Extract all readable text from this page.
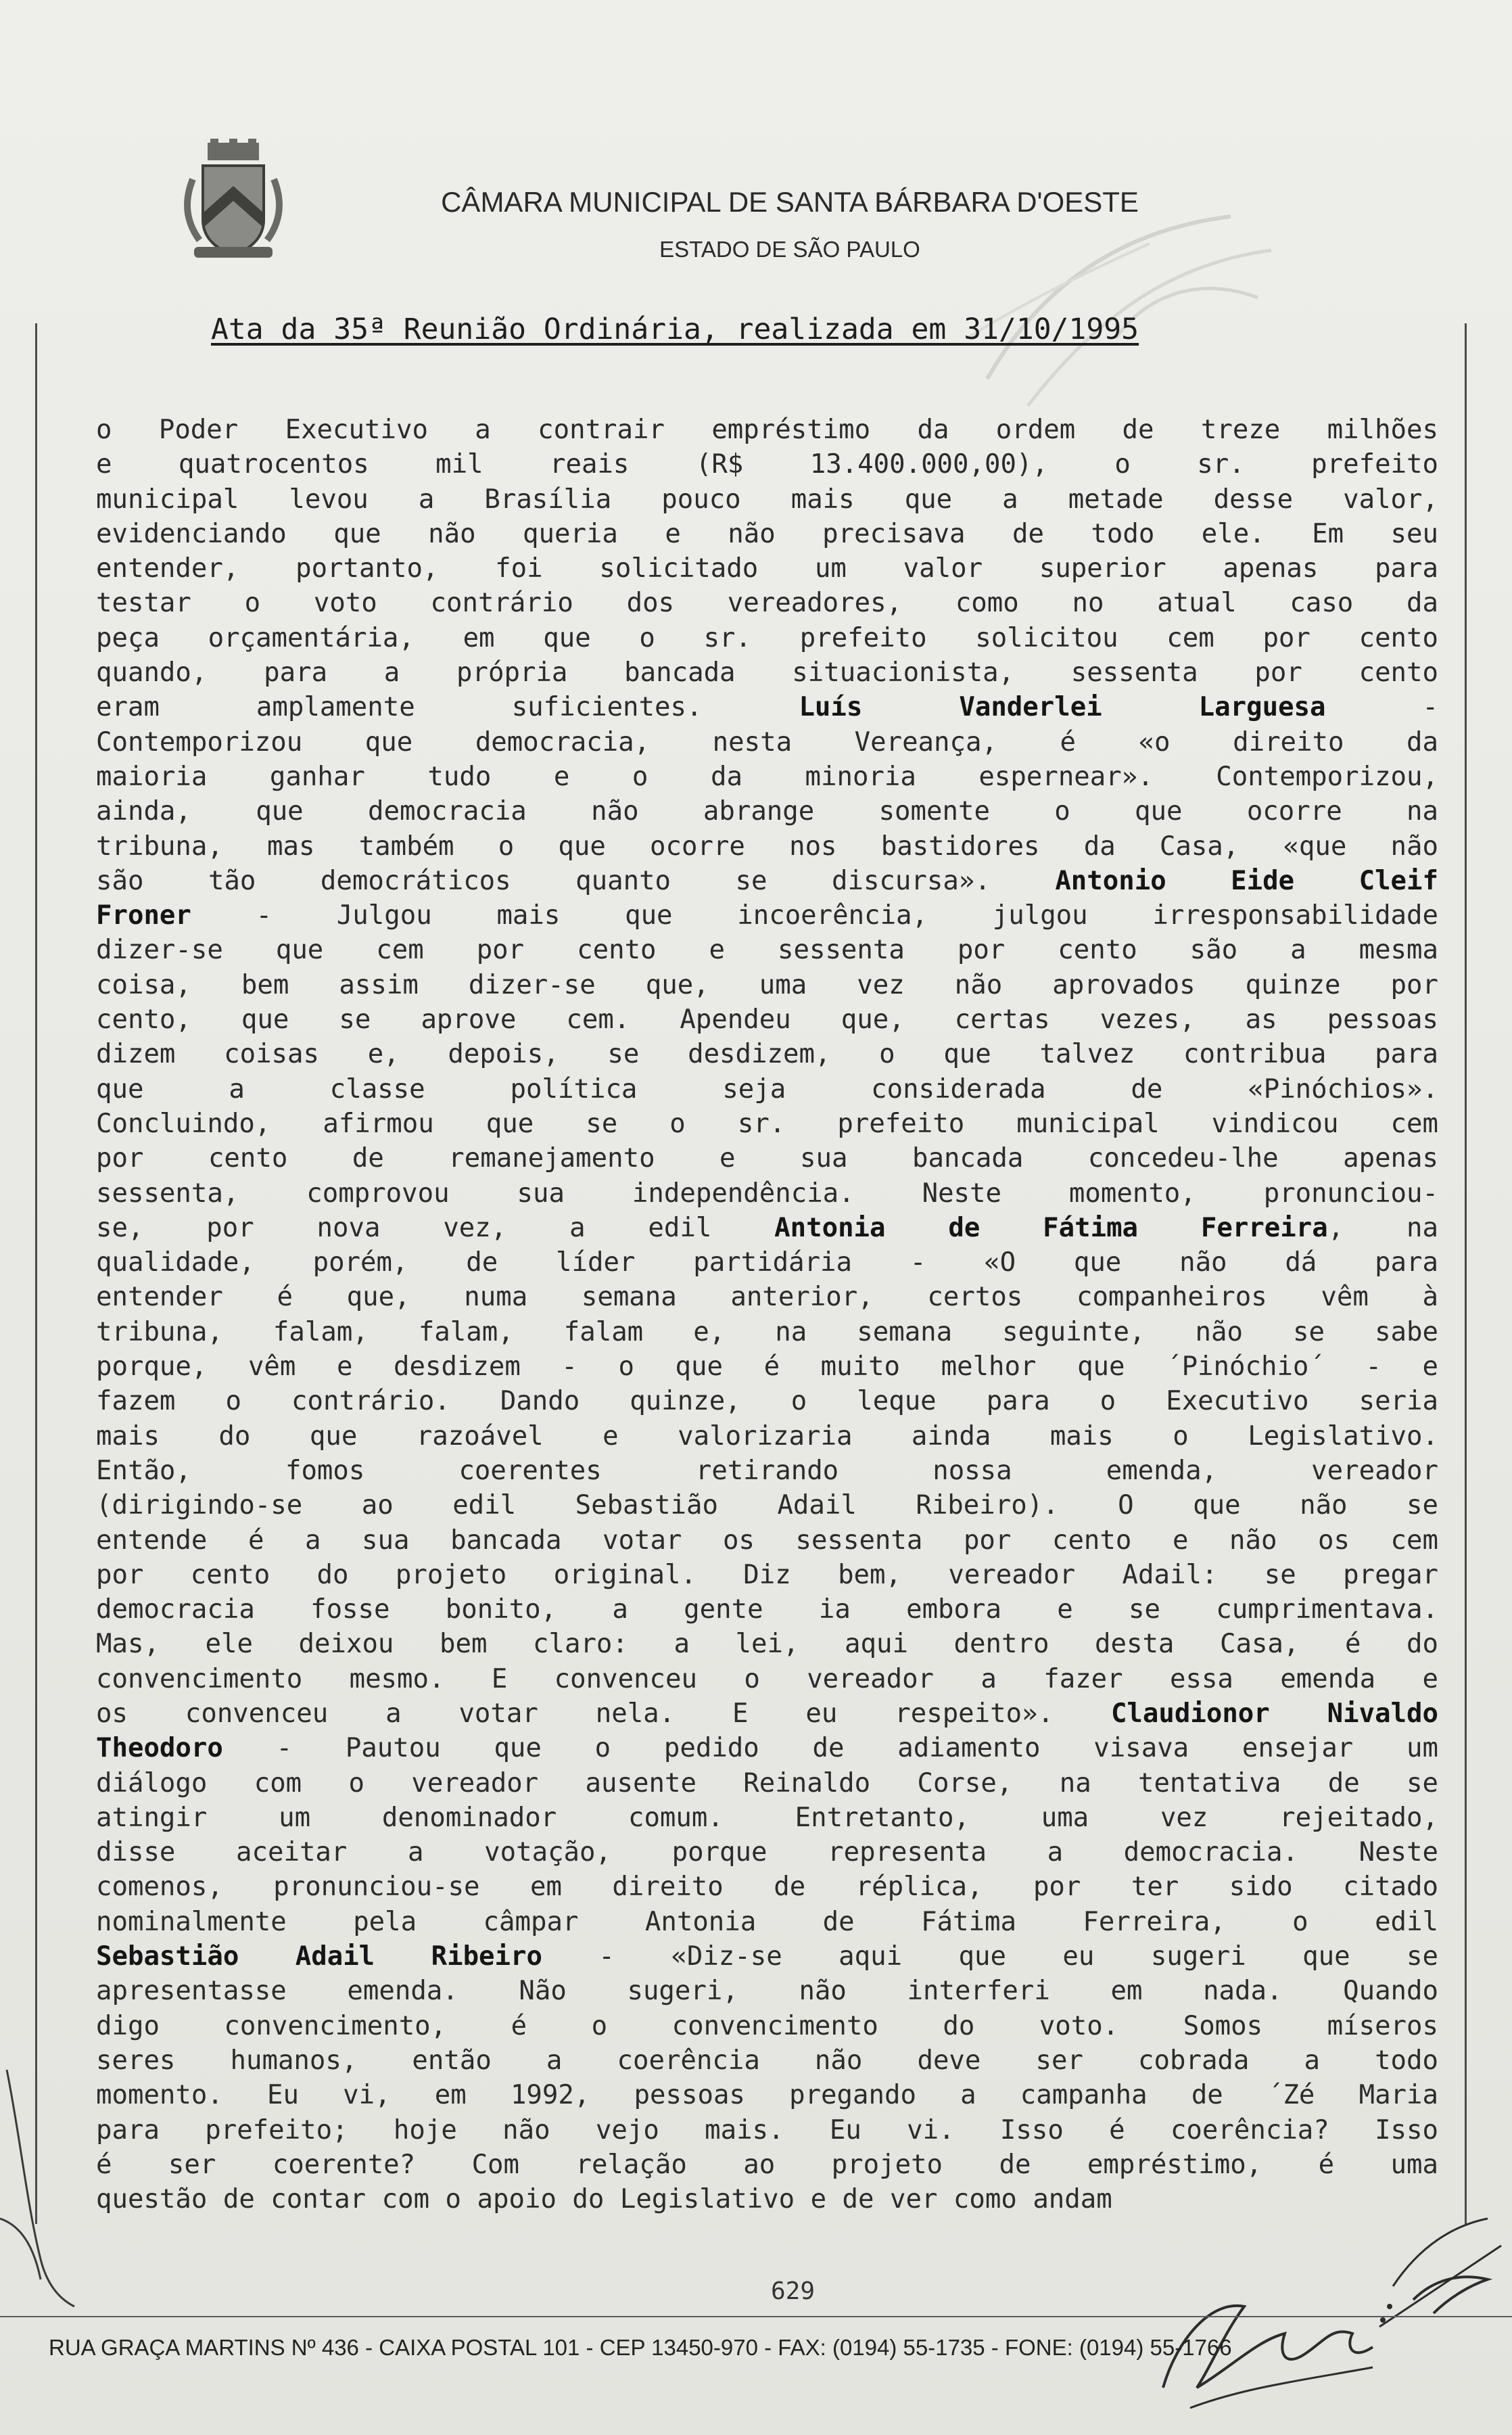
CÂMARA MUNICIPAL DE SANTA BÁRBARA D'OESTE
ESTADO DE SÃO PAULO
Ata da 35ª Reunião Ordinária, realizada em 31/10/1995
o Poder Executivo a contrair empréstimo da ordem de treze milhões
e quatrocentos mil reais (R$ 13.400.000,00), o sr. prefeito
municipal levou a Brasília pouco mais que a metade desse valor,
evidenciando que não queria e não precisava de todo ele. Em seu
entender, portanto, foi solicitado um valor superior apenas para
testar o voto contrário dos vereadores, como no atual caso da
peça orçamentária, em que o sr. prefeito solicitou cem por cento
quando, para a própria bancada situacionista, sessenta por cento
eram amplamente suficientes. Luís Vanderlei Larguesa -
Contemporizou que democracia, nesta Vereança, é «o direito da
maioria ganhar tudo e o da minoria espernear». Contemporizou,
ainda, que democracia não abrange somente o que ocorre na
tribuna, mas também o que ocorre nos bastidores da Casa, «que não
são tão democráticos quanto se discursa». Antonio Eide Cleif
Froner - Julgou mais que incoerência, julgou irresponsabilidade
dizer-se que cem por cento e sessenta por cento são a mesma
coisa, bem assim dizer-se que, uma vez não aprovados quinze por
cento, que se aprove cem. Apendeu que, certas vezes, as pessoas
dizem coisas e, depois, se desdizem, o que talvez contribua para
que a classe política seja considerada de «Pinóchios».
Concluindo, afirmou que se o sr. prefeito municipal vindicou cem
por cento de remanejamento e sua bancada concedeu-lhe apenas
sessenta, comprovou sua independência. Neste momento, pronunciou-
se, por nova vez, a edil Antonia de Fátima Ferreira, na
qualidade, porém, de líder partidária - «O que não dá para
entender é que, numa semana anterior, certos companheiros vêm à
tribuna, falam, falam, falam e, na semana seguinte, não se sabe
porque, vêm e desdizem - o que é muito melhor que ´Pinóchio´ - e
fazem o contrário. Dando quinze, o leque para o Executivo seria
mais do que razoável e valorizaria ainda mais o Legislativo.
Então, fomos coerentes retirando nossa emenda, vereador
(dirigindo-se ao edil Sebastião Adail Ribeiro). O que não se
entende é a sua bancada votar os sessenta por cento e não os cem
por cento do projeto original. Diz bem, vereador Adail: se pregar
democracia fosse bonito, a gente ia embora e se cumprimentava.
Mas, ele deixou bem claro: a lei, aqui dentro desta Casa, é do
convencimento mesmo. E convenceu o vereador a fazer essa emenda e
os convenceu a votar nela. E eu respeito». Claudionor Nivaldo
Theodoro - Pautou que o pedido de adiamento visava ensejar um
diálogo com o vereador ausente Reinaldo Corse, na tentativa de se
atingir um denominador comum. Entretanto, uma vez rejeitado,
disse aceitar a votação, porque representa a democracia. Neste
comenos, pronunciou-se em direito de réplica, por ter sido citado
nominalmente pela câmpar Antonia de Fátima Ferreira, o edil
Sebastião Adail Ribeiro - «Diz-se aqui que eu sugeri que se
apresentasse emenda. Não sugeri, não interferi em nada. Quando
digo convencimento, é o convencimento do voto. Somos míseros
seres humanos, então a coerência não deve ser cobrada a todo
momento. Eu vi, em 1992, pessoas pregando a campanha de ´Zé Maria
para prefeito; hoje não vejo mais. Eu vi. Isso é coerência? Isso
é ser coerente? Com relação ao projeto de empréstimo, é uma
questão de contar com o apoio do Legislativo e de ver como andam
629
RUA GRAÇA MARTINS Nº 436 - CAIXA POSTAL 101 - CEP 13450-970 - FAX: (0194) 55-1735 - FONE: (0194) 55-1766
